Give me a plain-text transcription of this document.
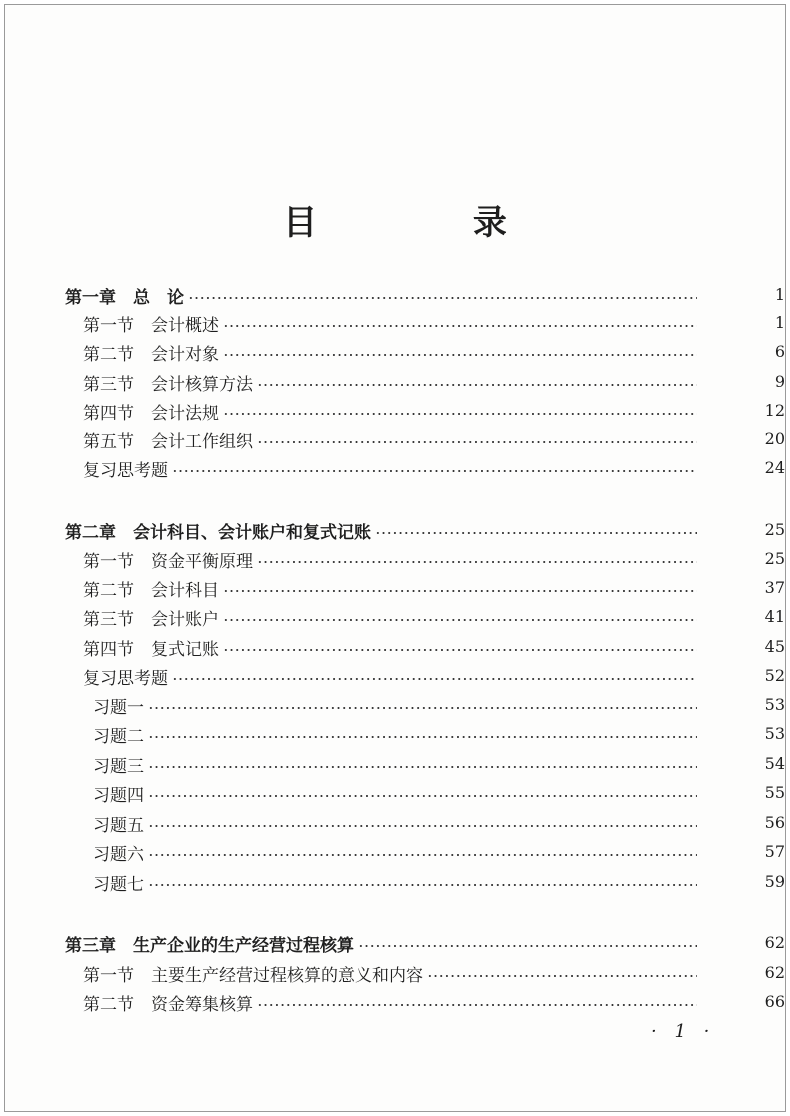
目 录
第一章　总　论	1
第一节　会计概述	1
第二节　会计对象	6
第三节　会计核算方法	9
第四节　会计法规	12
第五节　会计工作组织	20
复习思考题	24
第二章　会计科目、会计账户和复式记账	25
第一节　资金平衡原理	25
第二节　会计科目	37
第三节　会计账户	41
第四节　复式记账	45
复习思考题	52
习题一	53
习题二	53
习题三	54
习题四	55
习题五	56
习题六	57
习题七	59
第三章　生产企业的生产经营过程核算	62
第一节　主要生产经营过程核算的意义和内容	62
第二节　资金筹集核算	66
· 1 ·
